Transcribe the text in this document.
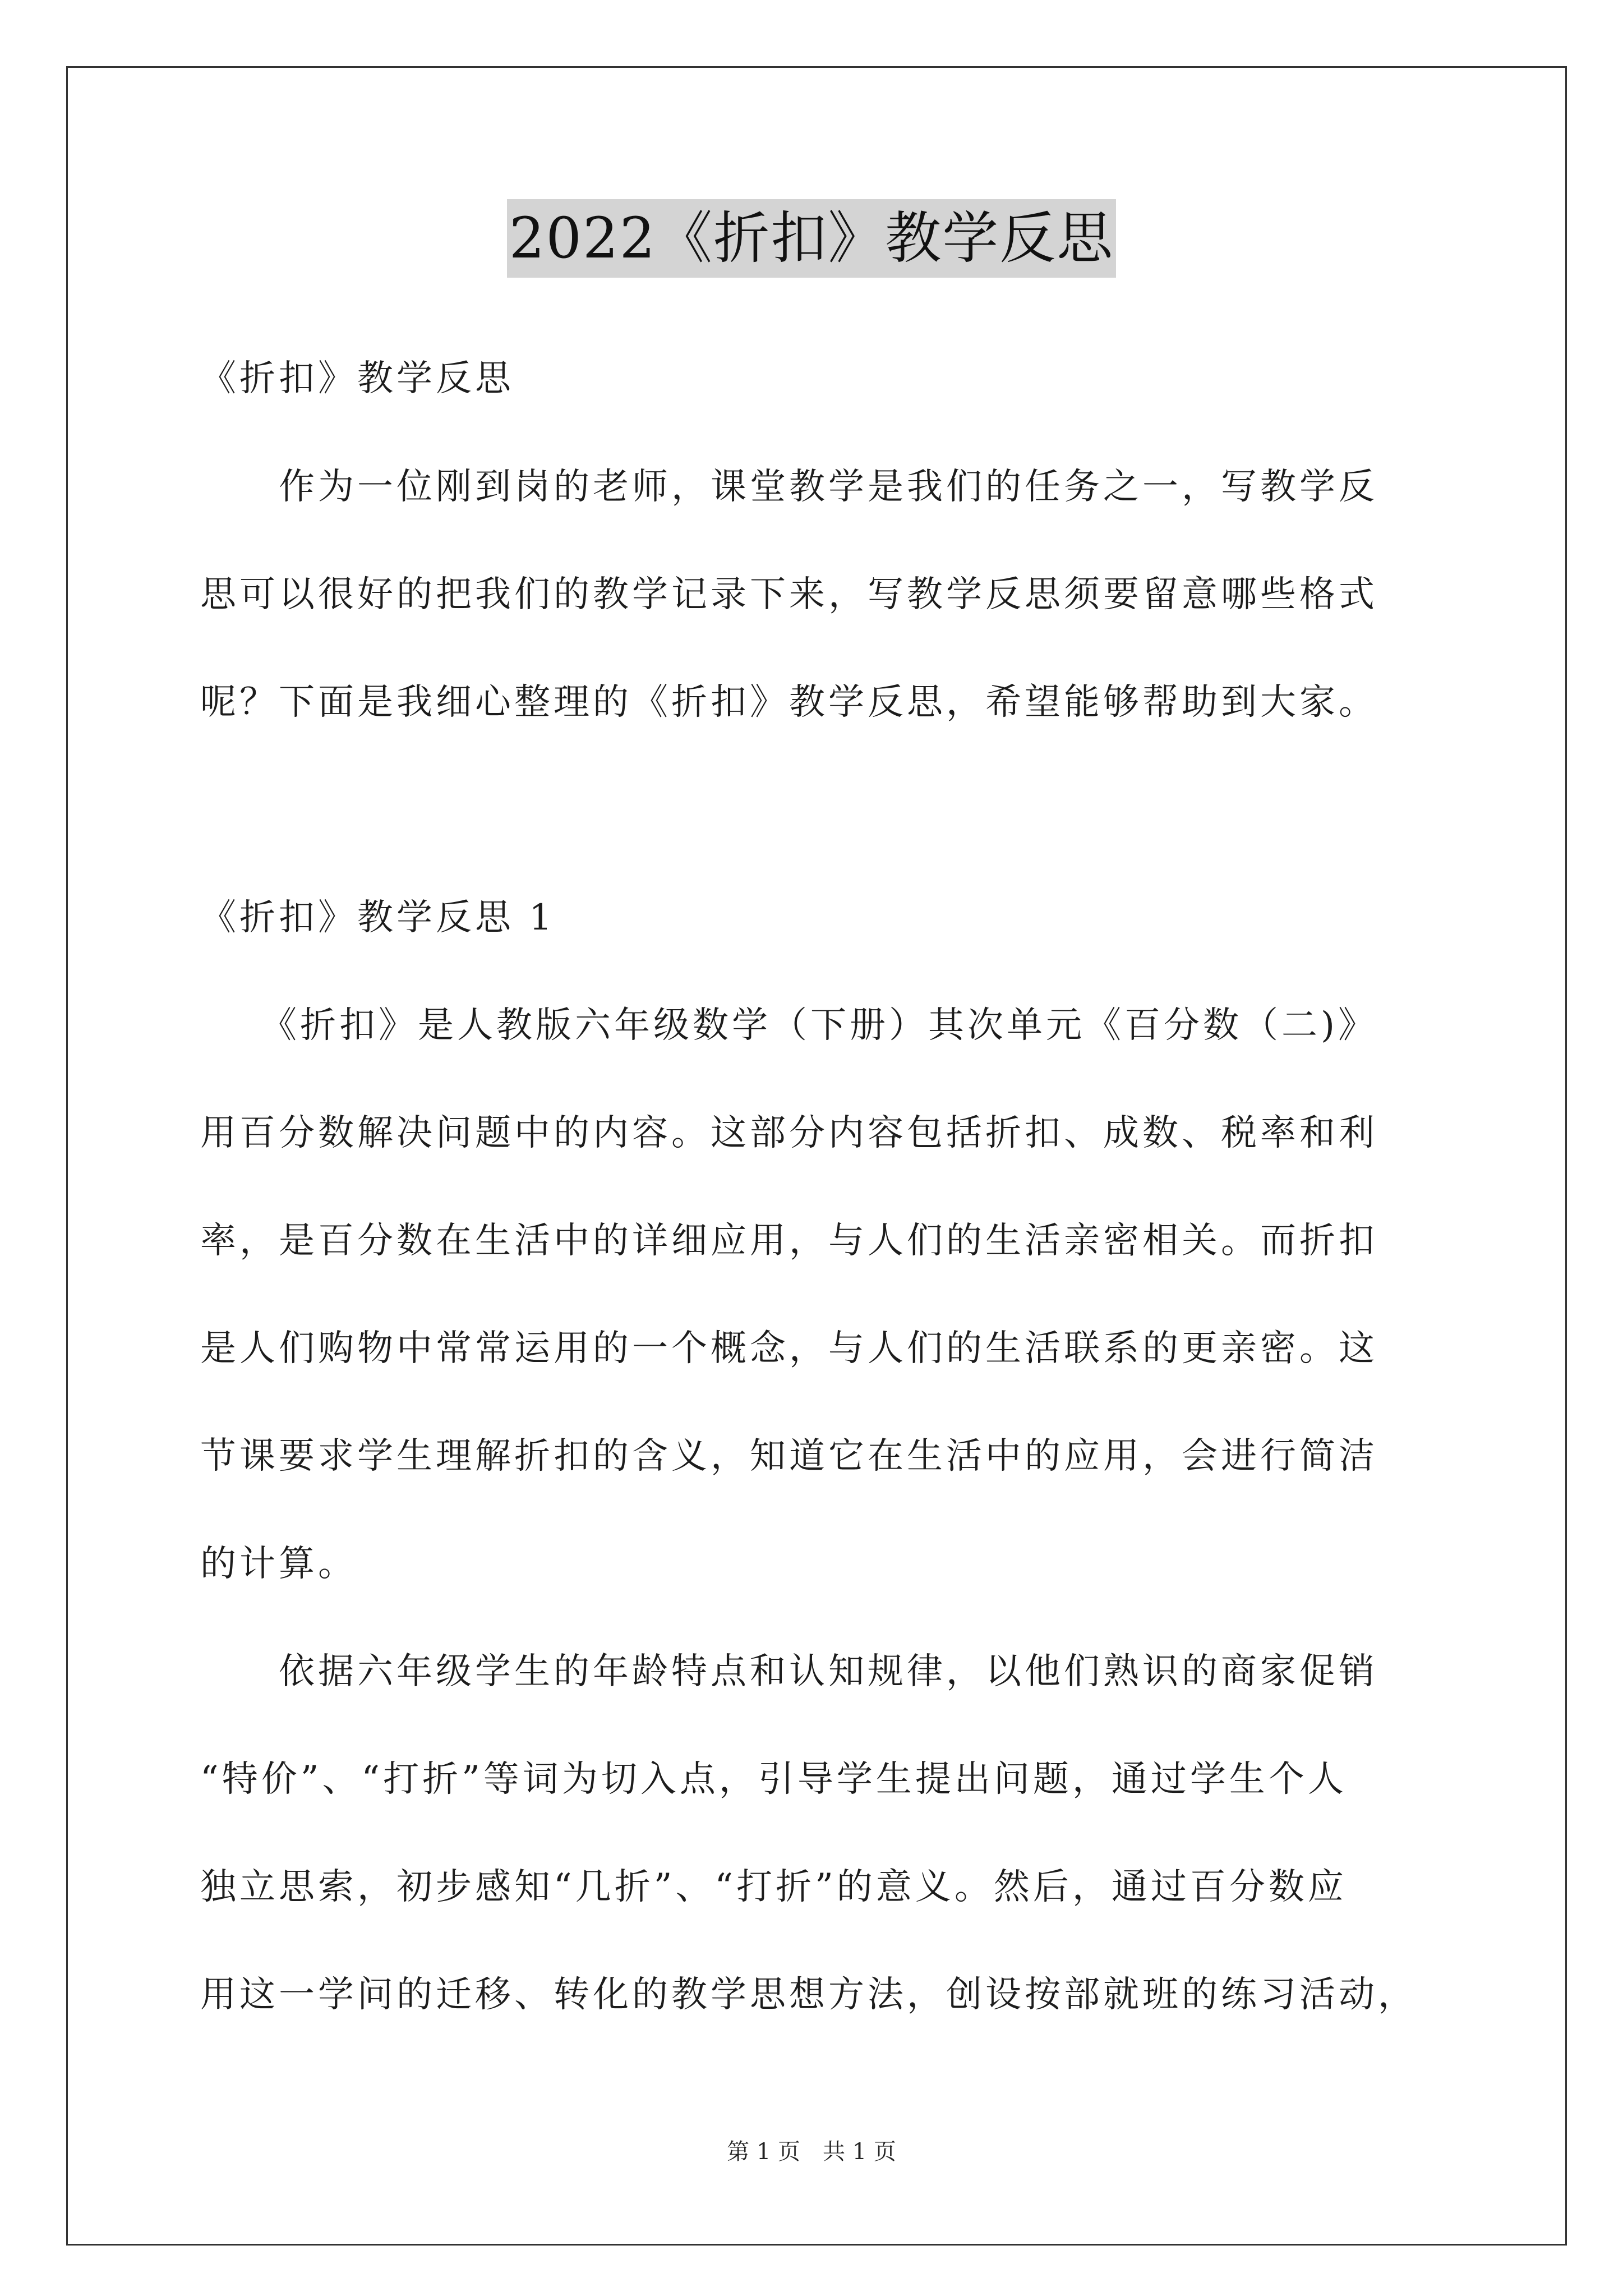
2022《折扣》教学反思
《折扣》教学反思
　　作为一位刚到岗的老师，课堂教学是我们的任务之一，写教学反
思可以很好的把我们的教学记录下来，写教学反思须要留意哪些格式
呢？下面是我细心整理的《折扣》教学反思，希望能够帮助到大家。
《折扣》教学反思 1
　　《折扣》是人教版六年级数学（下册）其次单元《百分数（二)》
用百分数解决问题中的内容。这部分内容包括折扣、成数、税率和利
率，是百分数在生活中的详细应用，与人们的生活亲密相关。而折扣
是人们购物中常常运用的一个概念，与人们的生活联系的更亲密。这
节课要求学生理解折扣的含义，知道它在生活中的应用，会进行简洁
的计算。
　　依据六年级学生的年龄特点和认知规律，以他们熟识的商家促销
“特价”、“打折”等词为切入点，引导学生提出问题，通过学生个人
独立思索，初步感知“几折”、“打折”的意义。然后，通过百分数应
用这一学问的迁移、转化的教学思想方法，创设按部就班的练习活动，
第 1 页　共 1 页
